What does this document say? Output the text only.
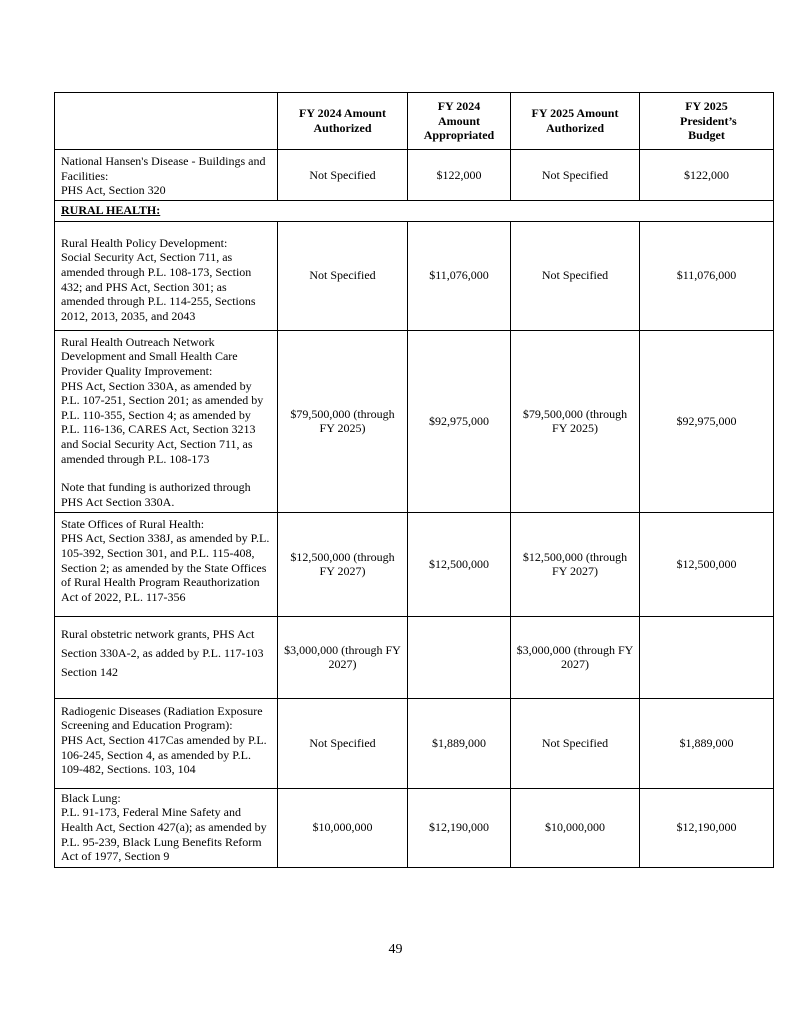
	FY 2024 Amount Authorized	FY 2024 Amount Appropriated	FY 2025 Amount Authorized	FY 2025 President’s Budget
National Hansen's Disease - Buildings and Facilities:
PHS Act, Section 320	Not Specified	$122,000	Not Specified	$122,000
RURAL HEALTH:				
Rural Health Policy Development:
Social Security Act, Section 711, as amended through P.L. 108-173, Section 432; and PHS Act, Section 301; as amended through P.L. 114-255, Sections 2012, 2013, 2035, and 2043	Not Specified	$11,076,000	Not Specified	$11,076,000

Rural Health Outreach Network Development and Small Health Care Provider Quality Improvement:
PHS Act, Section 330A, as amended by P.L. 107-251, Section 201; as amended by P.L. 110-355, Section 4; as amended by P.L. 116-136, CARES Act, Section 3213 and Social Security Act, Section 711, as amended through P.L. 108-173
Note that funding is authorized through PHS Act Section 330A.	$79,500,000 (through FY 2025)	$92,975,000	$79,500,000 (through FY 2025)	$92,975,000
State Offices of Rural Health:
PHS Act, Section 338J, as amended by P.L. 105-392, Section 301, and P.L. 115-408, Section 2; as amended by the State Offices of Rural Health Program Reauthorization Act of 2022, P.L. 117-356	$12,500,000 (through FY 2027)	$12,500,000	$12,500,000 (through FY 2027)	$12,500,000
Rural obstetric network grants, PHS Act Section 330A-2, as added by P.L. 117-103 Section 142	$3,000,000 (through FY 2027)		$3,000,000 (through FY 2027)	
Radiogenic Diseases (Radiation Exposure Screening and Education Program):
PHS Act, Section 417Cas amended by P.L. 106-245, Section 4, as amended by P.L. 109-482, Sections. 103, 104	Not Specified	$1,889,000	Not Specified	$1,889,000
Black Lung:
P.L. 91-173, Federal Mine Safety and Health Act, Section 427(a); as amended by P.L. 95-239, Black Lung Benefits Reform Act of 1977, Section 9	$10,000,000	$12,190,000	$10,000,000	$12,190,000
49
